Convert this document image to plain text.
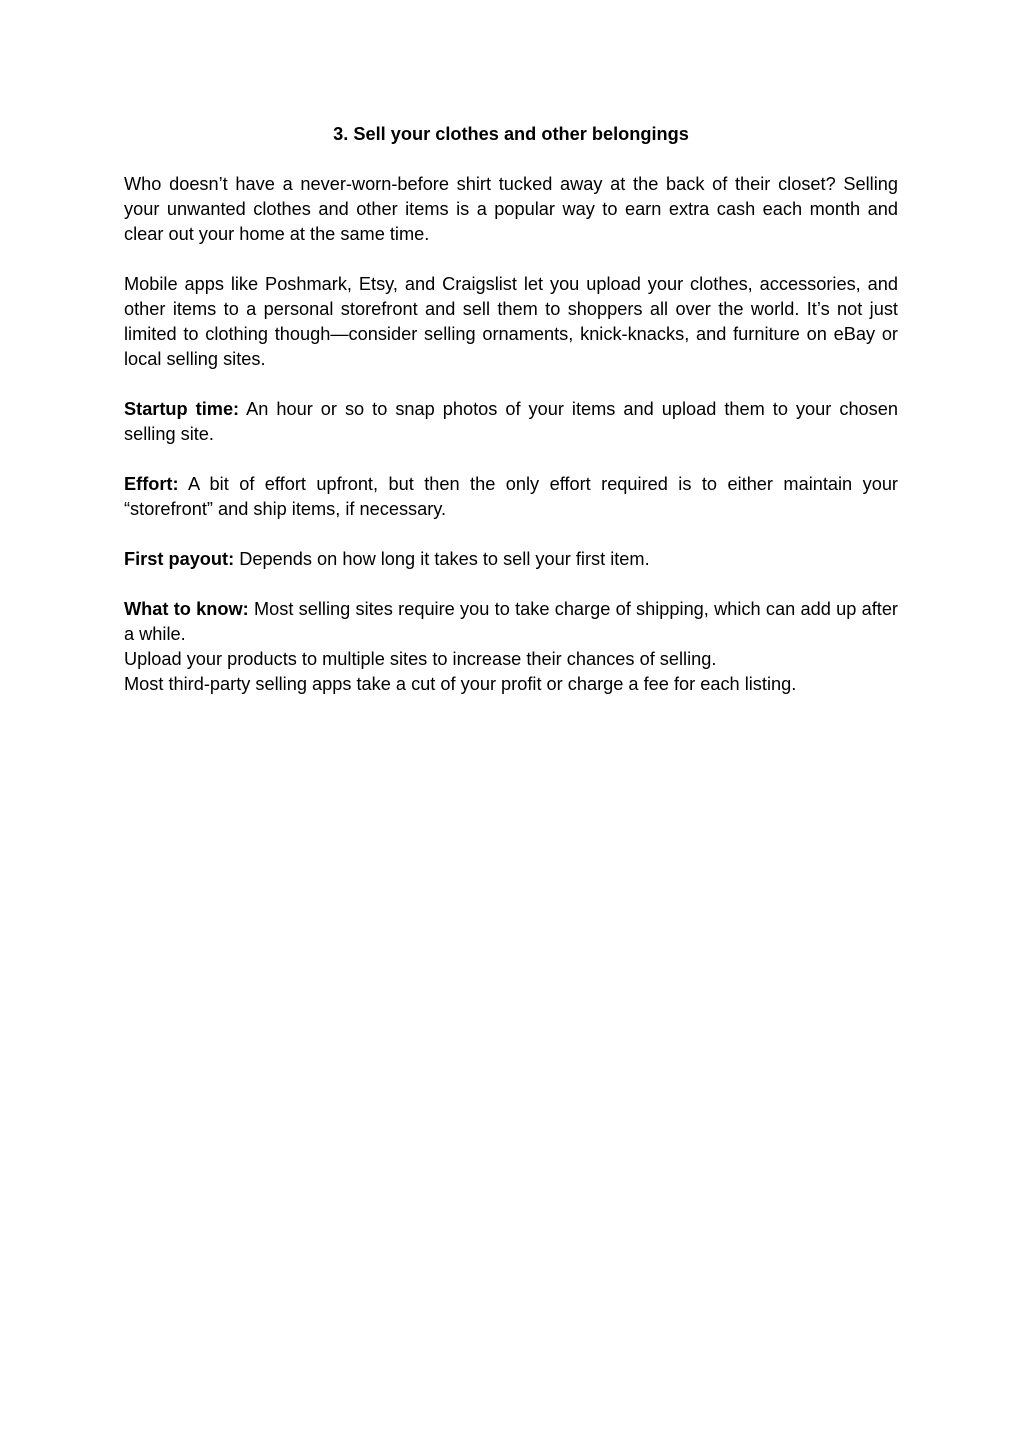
3. Sell your clothes and other belongings

Who doesn’t have a never-worn-before shirt tucked away at the back of their closet? Selling your unwanted clothes and other items is a popular way to earn extra cash each month and clear out your home at the same time.

Mobile apps like Poshmark, Etsy, and Craigslist let you upload your clothes, accessories, and other items to a personal storefront and sell them to shoppers all over the world. It’s not just limited to clothing though—consider selling ornaments, knick-knacks, and furniture on eBay or local selling sites.

Startup time: An hour or so to snap photos of your items and upload them to your chosen selling site.

Effort: A bit of effort upfront, but then the only effort required is to either maintain your “storefront” and ship items, if necessary.

First payout: Depends on how long it takes to sell your first item.

What to know: Most selling sites require you to take charge of shipping, which can add up after a while.

Upload your products to multiple sites to increase their chances of selling.

Most third-party selling apps take a cut of your profit or charge a fee for each listing.
